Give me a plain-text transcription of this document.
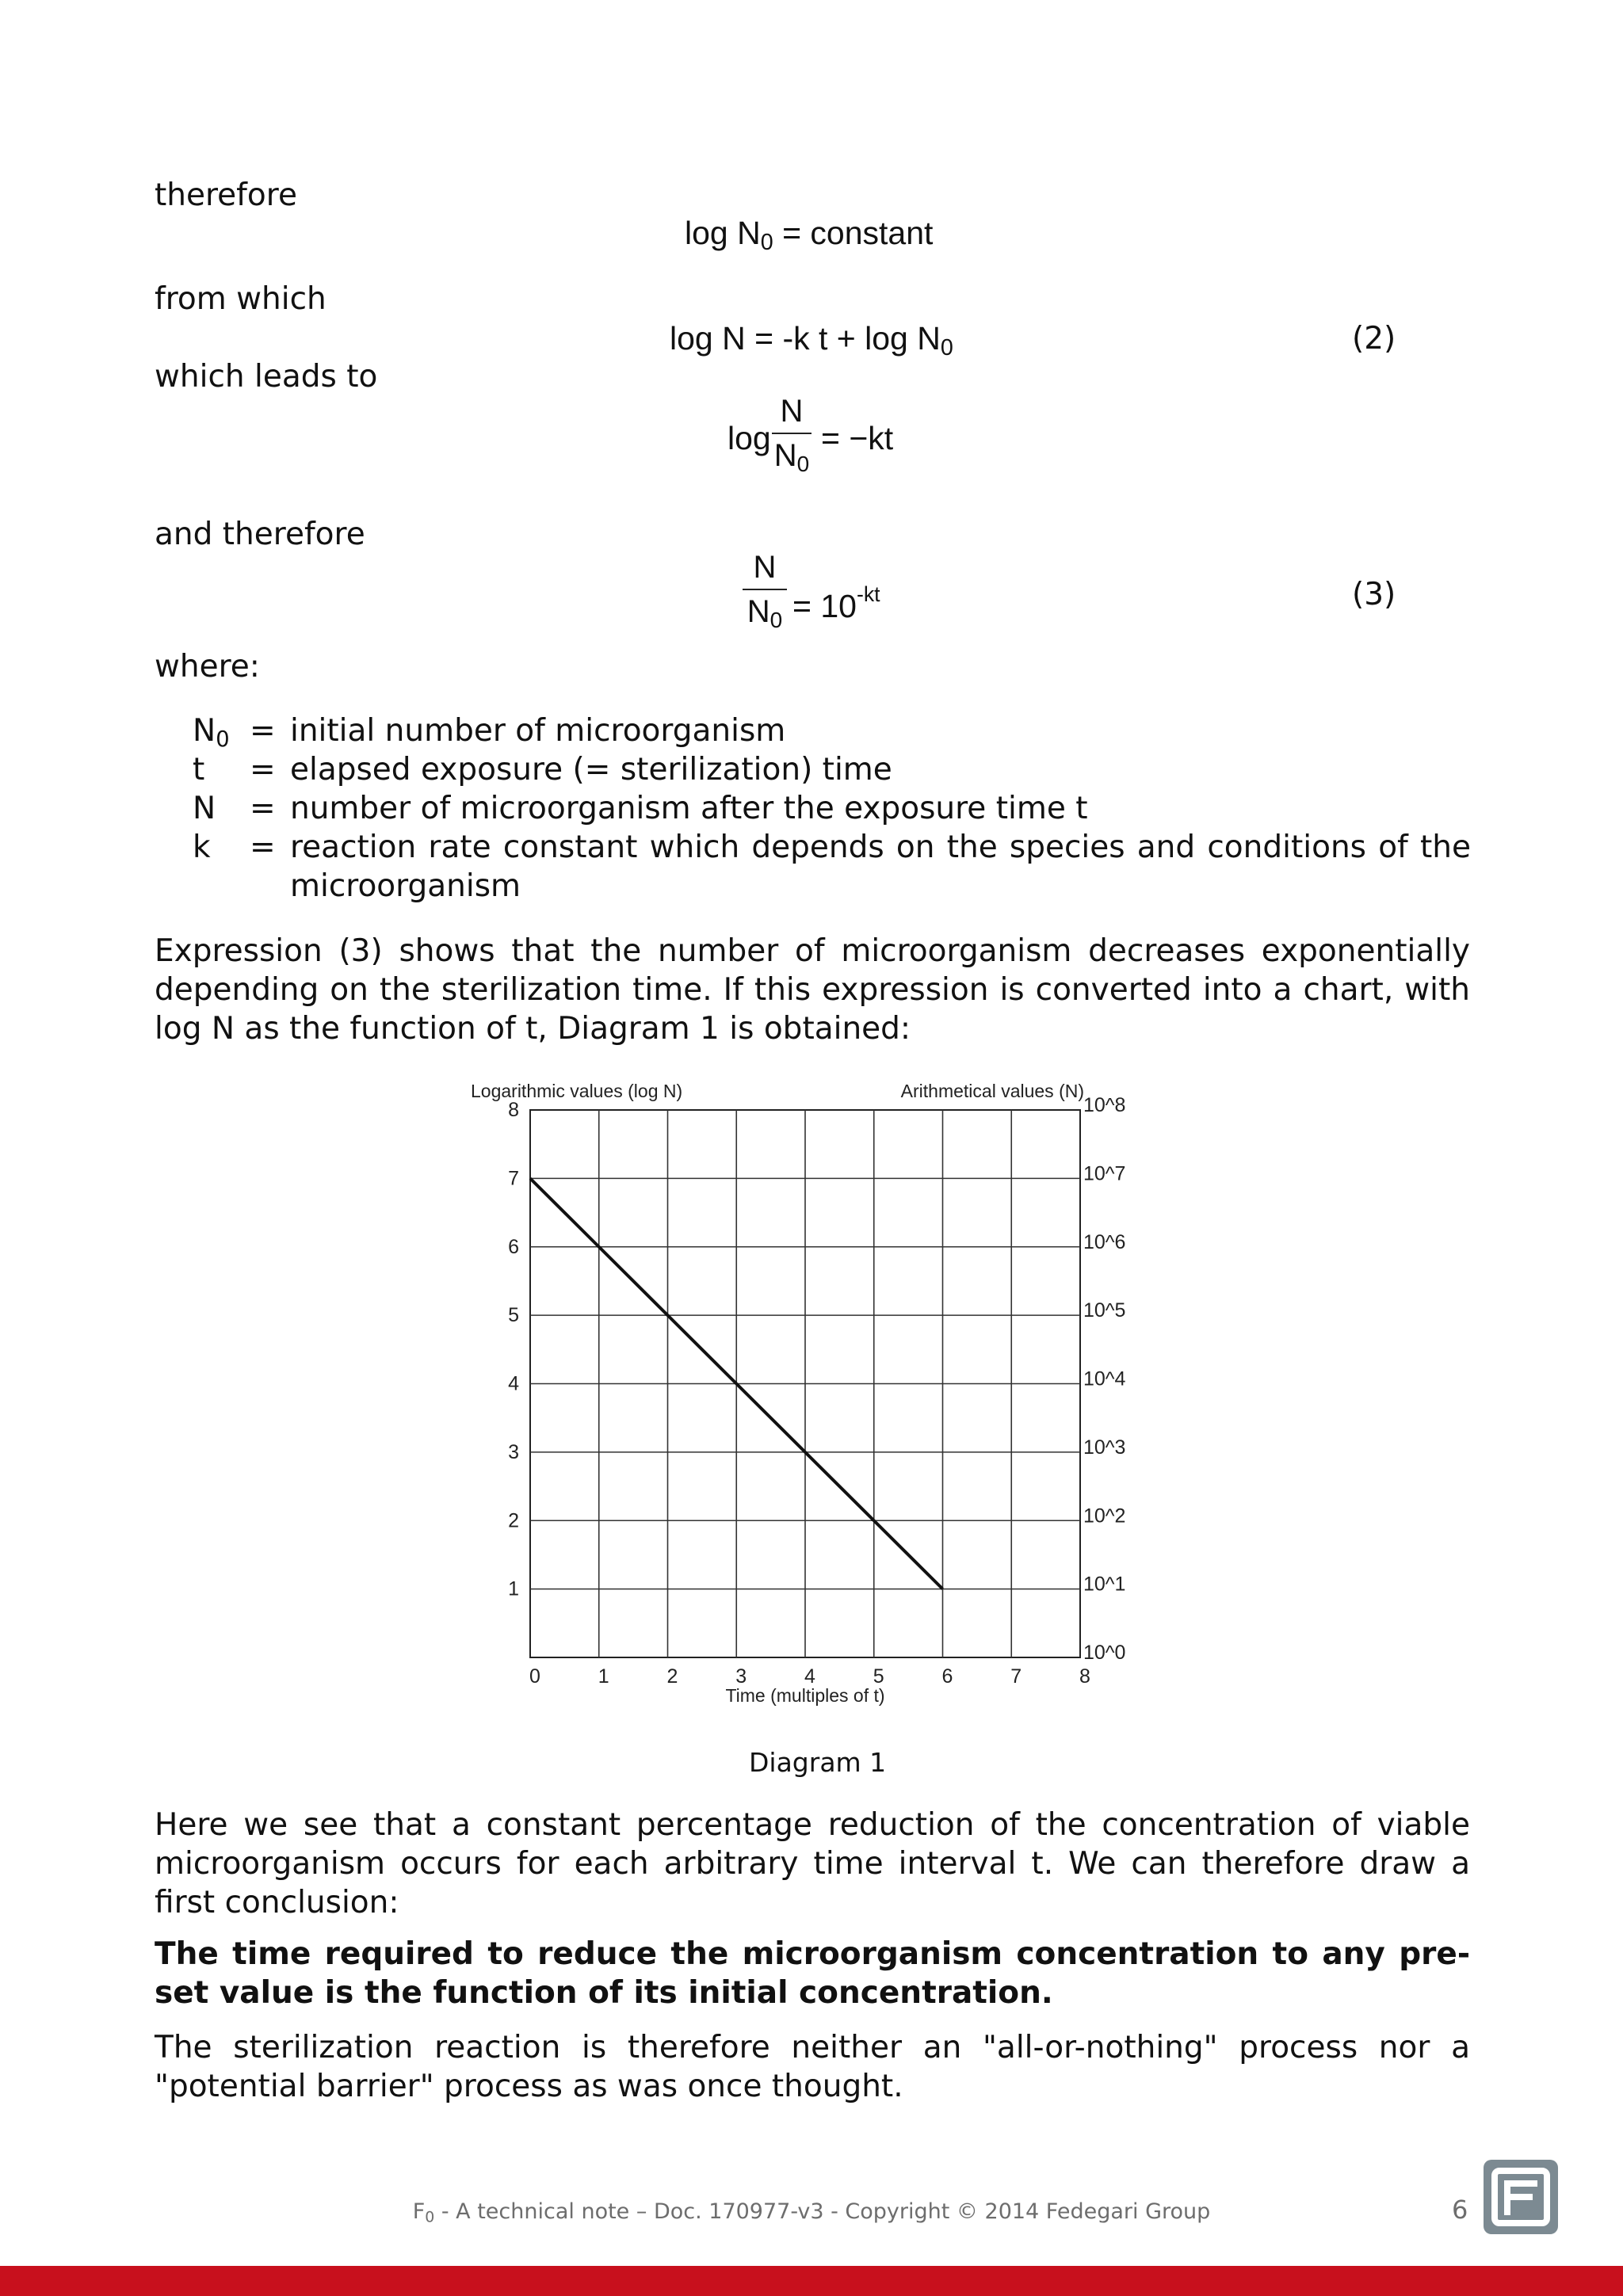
therefore
$\log N_0$ = constant
from which
log N = -k $t + \log N_0$	(2)
which leads to
log
N
$N_0$
= −kt
and therefore
N
$N_0 = 10^{-kt}$	(3)
where:
$N_0$ = initial number of microorganism
t = elapsed exposure (= sterilization) time
N = number of microorganism after the exposure time t
k = reaction rate constant which depends on the species and conditions of the microorganism
Expression (3) shows that the number of microorganism decreases exponentially depending on the sterilization time. If this expression is converted into a chart, with log N as the function of t, Diagram 1 is obtained:
0	1	2	3	4	5	6	7	8
1
2
3
4
5
6
7
8
10^0
10^1
10^2
10^3
10^4
10^5
10^6
10^7
10^8
Logarithmic values (log N)	Arithmetical values (N)
Time (multiples of t)
Diagram 1
Here we see that a constant percentage reduction of the concentration of viable microorganism occurs for each arbitrary time interval t. We can therefore draw a first conclusion:
The time required to reduce the microorganism concentration to any pre-set value is the function of its initial concentration.
The sterilization reaction is therefore neither an "all-or-nothing" process nor a "potential barrier" process as was once thought.
$F_0$ - A technical note – Doc. 170977-v3 - Copyright © 2014 Fedegari Group	6
